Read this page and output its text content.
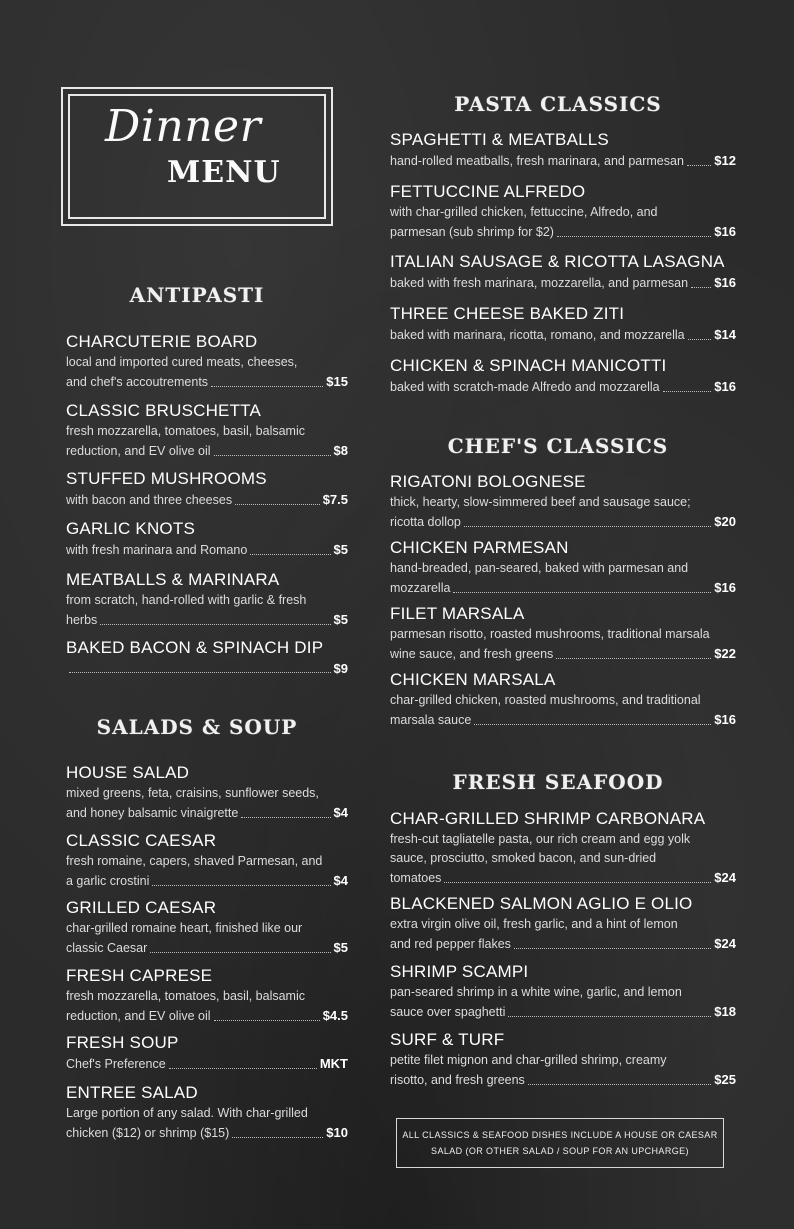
Dinner
MENU
ANTIPASTI
CHARCUTERIE BOARD
local and imported cured meats, cheeses,
and chef's accoutrements	$15
CLASSIC BRUSCHETTA
fresh mozzarella, tomatoes, basil, balsamic
reduction, and EV olive oil	$8
STUFFED MUSHROOMS
with bacon and three cheeses	$7.5
GARLIC KNOTS
with fresh marinara and Romano	$5
MEATBALLS & MARINARA
from scratch, hand-rolled with garlic & fresh
herbs	$5
BAKED BACON & SPINACH DIP
$9
SALADS & SOUP
HOUSE SALAD
mixed greens, feta, craisins, sunflower seeds,
and honey balsamic vinaigrette	$4
CLASSIC CAESAR
fresh romaine, capers, shaved Parmesan, and
a garlic crostini	$4
GRILLED CAESAR
char-grilled romaine heart, finished like our
classic Caesar	$5
FRESH CAPRESE
fresh mozzarella, tomatoes, basil, balsamic
reduction, and EV olive oil	$4.5
FRESH SOUP
Chef's Preference	MKT
ENTREE SALAD
Large portion of any salad. With char-grilled
chicken ($12) or shrimp ($15)	$10
PASTA CLASSICS
SPAGHETTI & MEATBALLS
hand-rolled meatballs, fresh marinara, and parmesan $12
FETTUCCINE ALFREDO
with char-grilled chicken, fettuccine, Alfredo, and
parmesan (sub shrimp for $2)	$16
ITALIAN SAUSAGE & RICOTTA LASAGNA
baked with fresh marinara, mozzarella, and parmesan $16
THREE CHEESE BAKED ZITI
baked with marinara, ricotta, romano, and mozzarella $14
CHICKEN & SPINACH MANICOTTI
baked with scratch-made Alfredo and mozzarella	$16
CHEF'S CLASSICS
RIGATONI BOLOGNESE
thick, hearty, slow-simmered beef and sausage sauce;
ricotta dollop	$20
CHICKEN PARMESAN
hand-breaded, pan-seared, baked with parmesan and
mozzarella	$16
FILET MARSALA
parmesan risotto, roasted mushrooms, traditional marsala
wine sauce, and fresh greens	$22
CHICKEN MARSALA
char-grilled chicken, roasted mushrooms, and traditional
marsala sauce	$16
FRESH SEAFOOD
CHAR-GRILLED SHRIMP CARBONARA
fresh-cut tagliatelle pasta, our rich cream and egg yolk
sauce, prosciutto, smoked bacon, and sun-dried
tomatoes	$24
BLACKENED SALMON AGLIO E OLIO
extra virgin olive oil, fresh garlic, and a hint of lemon
and red pepper flakes	$24
SHRIMP SCAMPI
pan-seared shrimp in a white wine, garlic, and lemon
sauce over spaghetti	$18
SURF & TURF
petite filet mignon and char-grilled shrimp, creamy
risotto, and fresh greens	$25
ALL CLASSICS & SEAFOOD DISHES INCLUDE A HOUSE OR CAESAR
SALAD (OR OTHER SALAD / SOUP FOR AN UPCHARGE)
